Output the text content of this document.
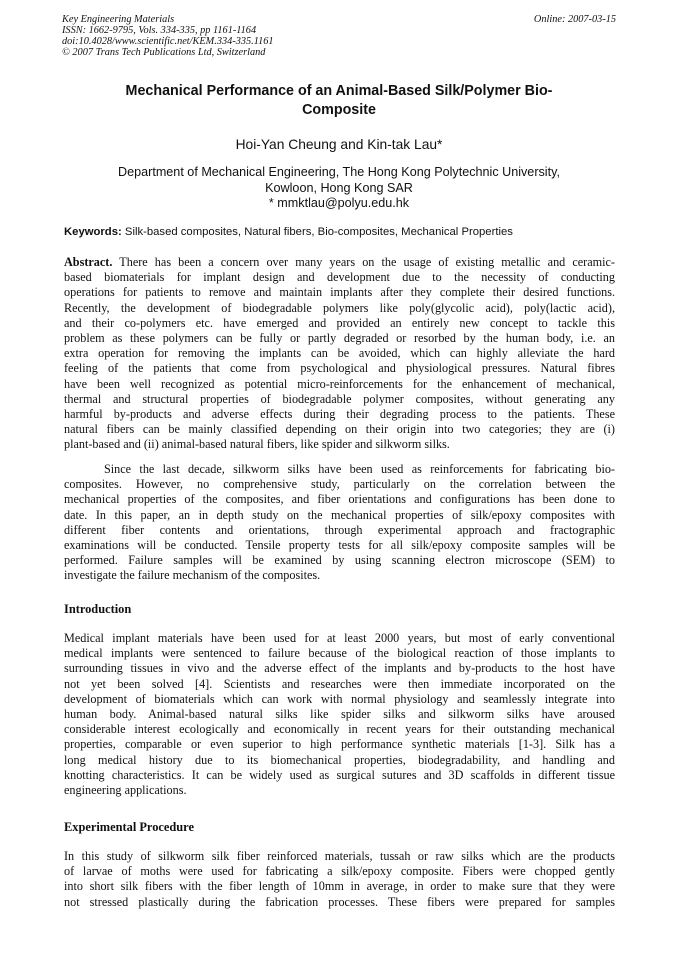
Key Engineering Materials
ISSN: 1662-9795, Vols. 334-335, pp 1161-1164
doi:10.4028/www.scientific.net/KEM.334-335.1161
© 2007 Trans Tech Publications Ltd, Switzerland
Online: 2007-03-15
Mechanical Performance of an Animal-Based Silk/Polymer Bio-
Composite
Hoi-Yan Cheung and Kin-tak Lau*
Department of Mechanical Engineering, The Hong Kong Polytechnic University,
Kowloon, Hong Kong SAR
* mmktlau@polyu.edu.hk
Keywords: Silk-based composites, Natural fibers, Bio-composites, Mechanical Properties
Abstract. There has been a concern over many years on the usage of existing metallic and ceramic-
based biomaterials for implant design and development due to the necessity of conducting
operations for patients to remove and maintain implants after they complete their desired functions.
Recently, the development of biodegradable polymers like poly(glycolic acid), poly(lactic acid),
and their co-polymers etc. have emerged and provided an entirely new concept to tackle this
problem as these polymers can be fully or partly degraded or resorbed by the human body, i.e. an
extra operation for removing the implants can be avoided, which can highly alleviate the hard
feeling of the patients that come from psychological and physiological pressures. Natural fibres
have been well recognized as potential micro-reinforcements for the enhancement of mechanical,
thermal and structural properties of biodegradable polymer composites, without generating any
harmful by-products and adverse effects during their degrading process to the patients. These
natural fibers can be mainly classified depending on their origin into two categories; they are (i)
plant-based and (ii) animal-based natural fibers, like spider and silkworm silks.
Since the last decade, silkworm silks have been used as reinforcements for fabricating bio-
composites. However, no comprehensive study, particularly on the correlation between the
mechanical properties of the composites, and fiber orientations and configurations has been done to
date. In this paper, an in depth study on the mechanical properties of silk/epoxy composites with
different fiber contents and orientations, through experimental approach and fractographic
examinations will be conducted. Tensile property tests for all silk/epoxy composite samples will be
performed. Failure samples will be examined by using scanning electron microscope (SEM) to
investigate the failure mechanism of the composites.
Introduction
Medical implant materials have been used for at least 2000 years, but most of early conventional
medical implants were sentenced to failure because of the biological reaction of those implants to
surrounding tissues in vivo and the adverse effect of the implants and by-products to the host have
not yet been solved [4]. Scientists and researches were then immediate incorporated on the
development of biomaterials which can work with normal physiology and seamlessly integrate into
human body. Animal-based natural silks like spider silks and silkworm silks have aroused
considerable interest ecologically and economically in recent years for their outstanding mechanical
properties, comparable or even superior to high performance synthetic materials [1-3]. Silk has a
long medical history due to its biomechanical properties, biodegradability, and handling and
knotting characteristics. It can be widely used as surgical sutures and 3D scaffolds in different tissue
engineering applications.
Experimental Procedure
In this study of silkworm silk fiber reinforced materials, tussah or raw silks which are the products
of larvae of moths were used for fabricating a silk/epoxy composite. Fibers were chopped gently
into short silk fibers with the fiber length of 10mm in average, in order to make sure that they were
not stressed plastically during the fabrication processes. These fibers were prepared for samples
